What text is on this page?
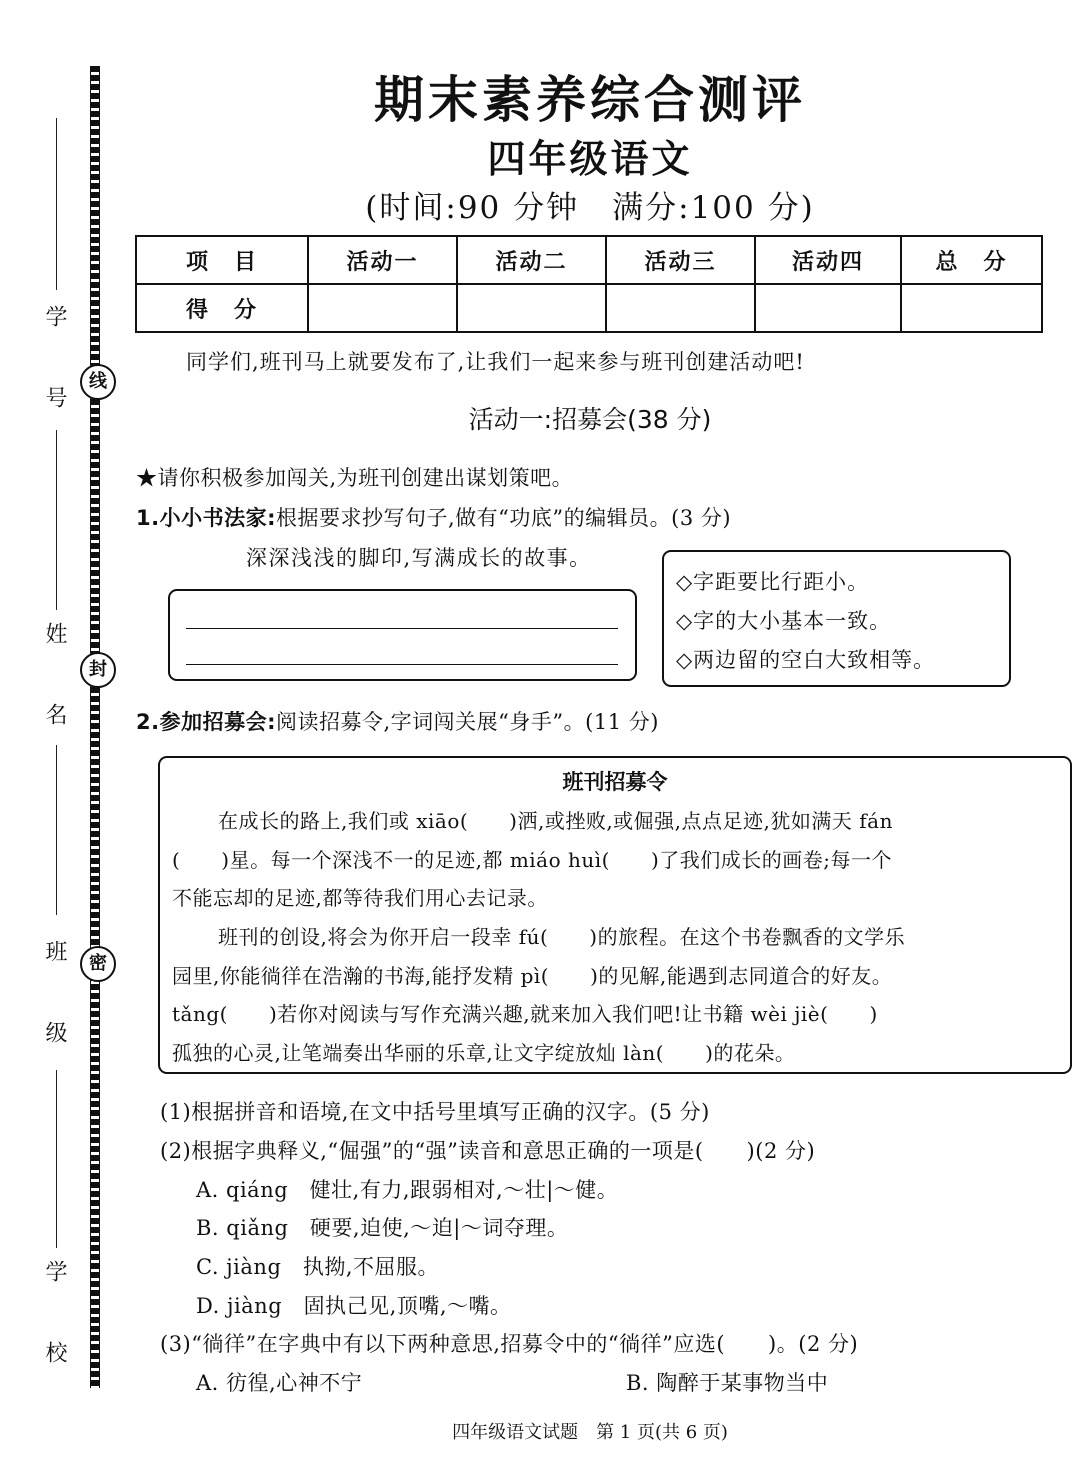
学 号
姓 名
班 级
学 校
线
封
密
期末素养综合测评
四年级语文
(时间:90 分钟　满分:100 分)
项　目	活动一	活动二	活动三	活动四	总　分
得　分					
同学们,班刊马上就要发布了,让我们一起来参与班刊创建活动吧!
活动一:招募会(38 分)
★请你积极参加闯关,为班刊创建出谋划策吧。
1.小小书法家:根据要求抄写句子,做有“功底”的编辑员。(3 分)
深深浅浅的脚印,写满成长的故事。
◇字距要比行距小。
◇字的大小基本一致。
◇两边留的空白大致相等。
2.参加招募会:阅读招募令,字词闯关展“身手”。(11 分)
班刊招募令
在成长的路上,我们或 xiāo(　　)洒,或挫败,或倔强,点点足迹,犹如满天 fán
(　　)星。每一个深浅不一的足迹,都 miáo huì(　　)了我们成长的画卷;每一个
不能忘却的足迹,都等待我们用心去记录。
班刊的创设,将会为你开启一段幸 fú(　　)的旅程。在这个书卷飘香的文学乐
园里,你能徜徉在浩瀚的书海,能抒发精 pì(　　)的见解,能遇到志同道合的好友。
tǎng(　　)若你对阅读与写作充满兴趣,就来加入我们吧!让书籍 wèi jiè(　　)
孤独的心灵,让笔端奏出华丽的乐章,让文字绽放灿 làn(　　)的花朵。
(1)根据拼音和语境,在文中括号里填写正确的汉字。(5 分)
(2)根据字典释义,“倔强”的“强”读音和意思正确的一项是(　　)(2 分)
A. qiáng　健壮,有力,跟弱相对,～壮|～健。
B. qiǎng　硬要,迫使,～迫|～词夺理。
C. jiàng　执拗,不屈服。
D. jiàng　固执己见,顶嘴,～嘴。
(3)“徜徉”在字典中有以下两种意思,招募令中的“徜徉”应选(　　)。(2 分)
A. 彷徨,心神不宁	B. 陶醉于某事物当中
四年级语文试题　第 1 页(共 6 页)
